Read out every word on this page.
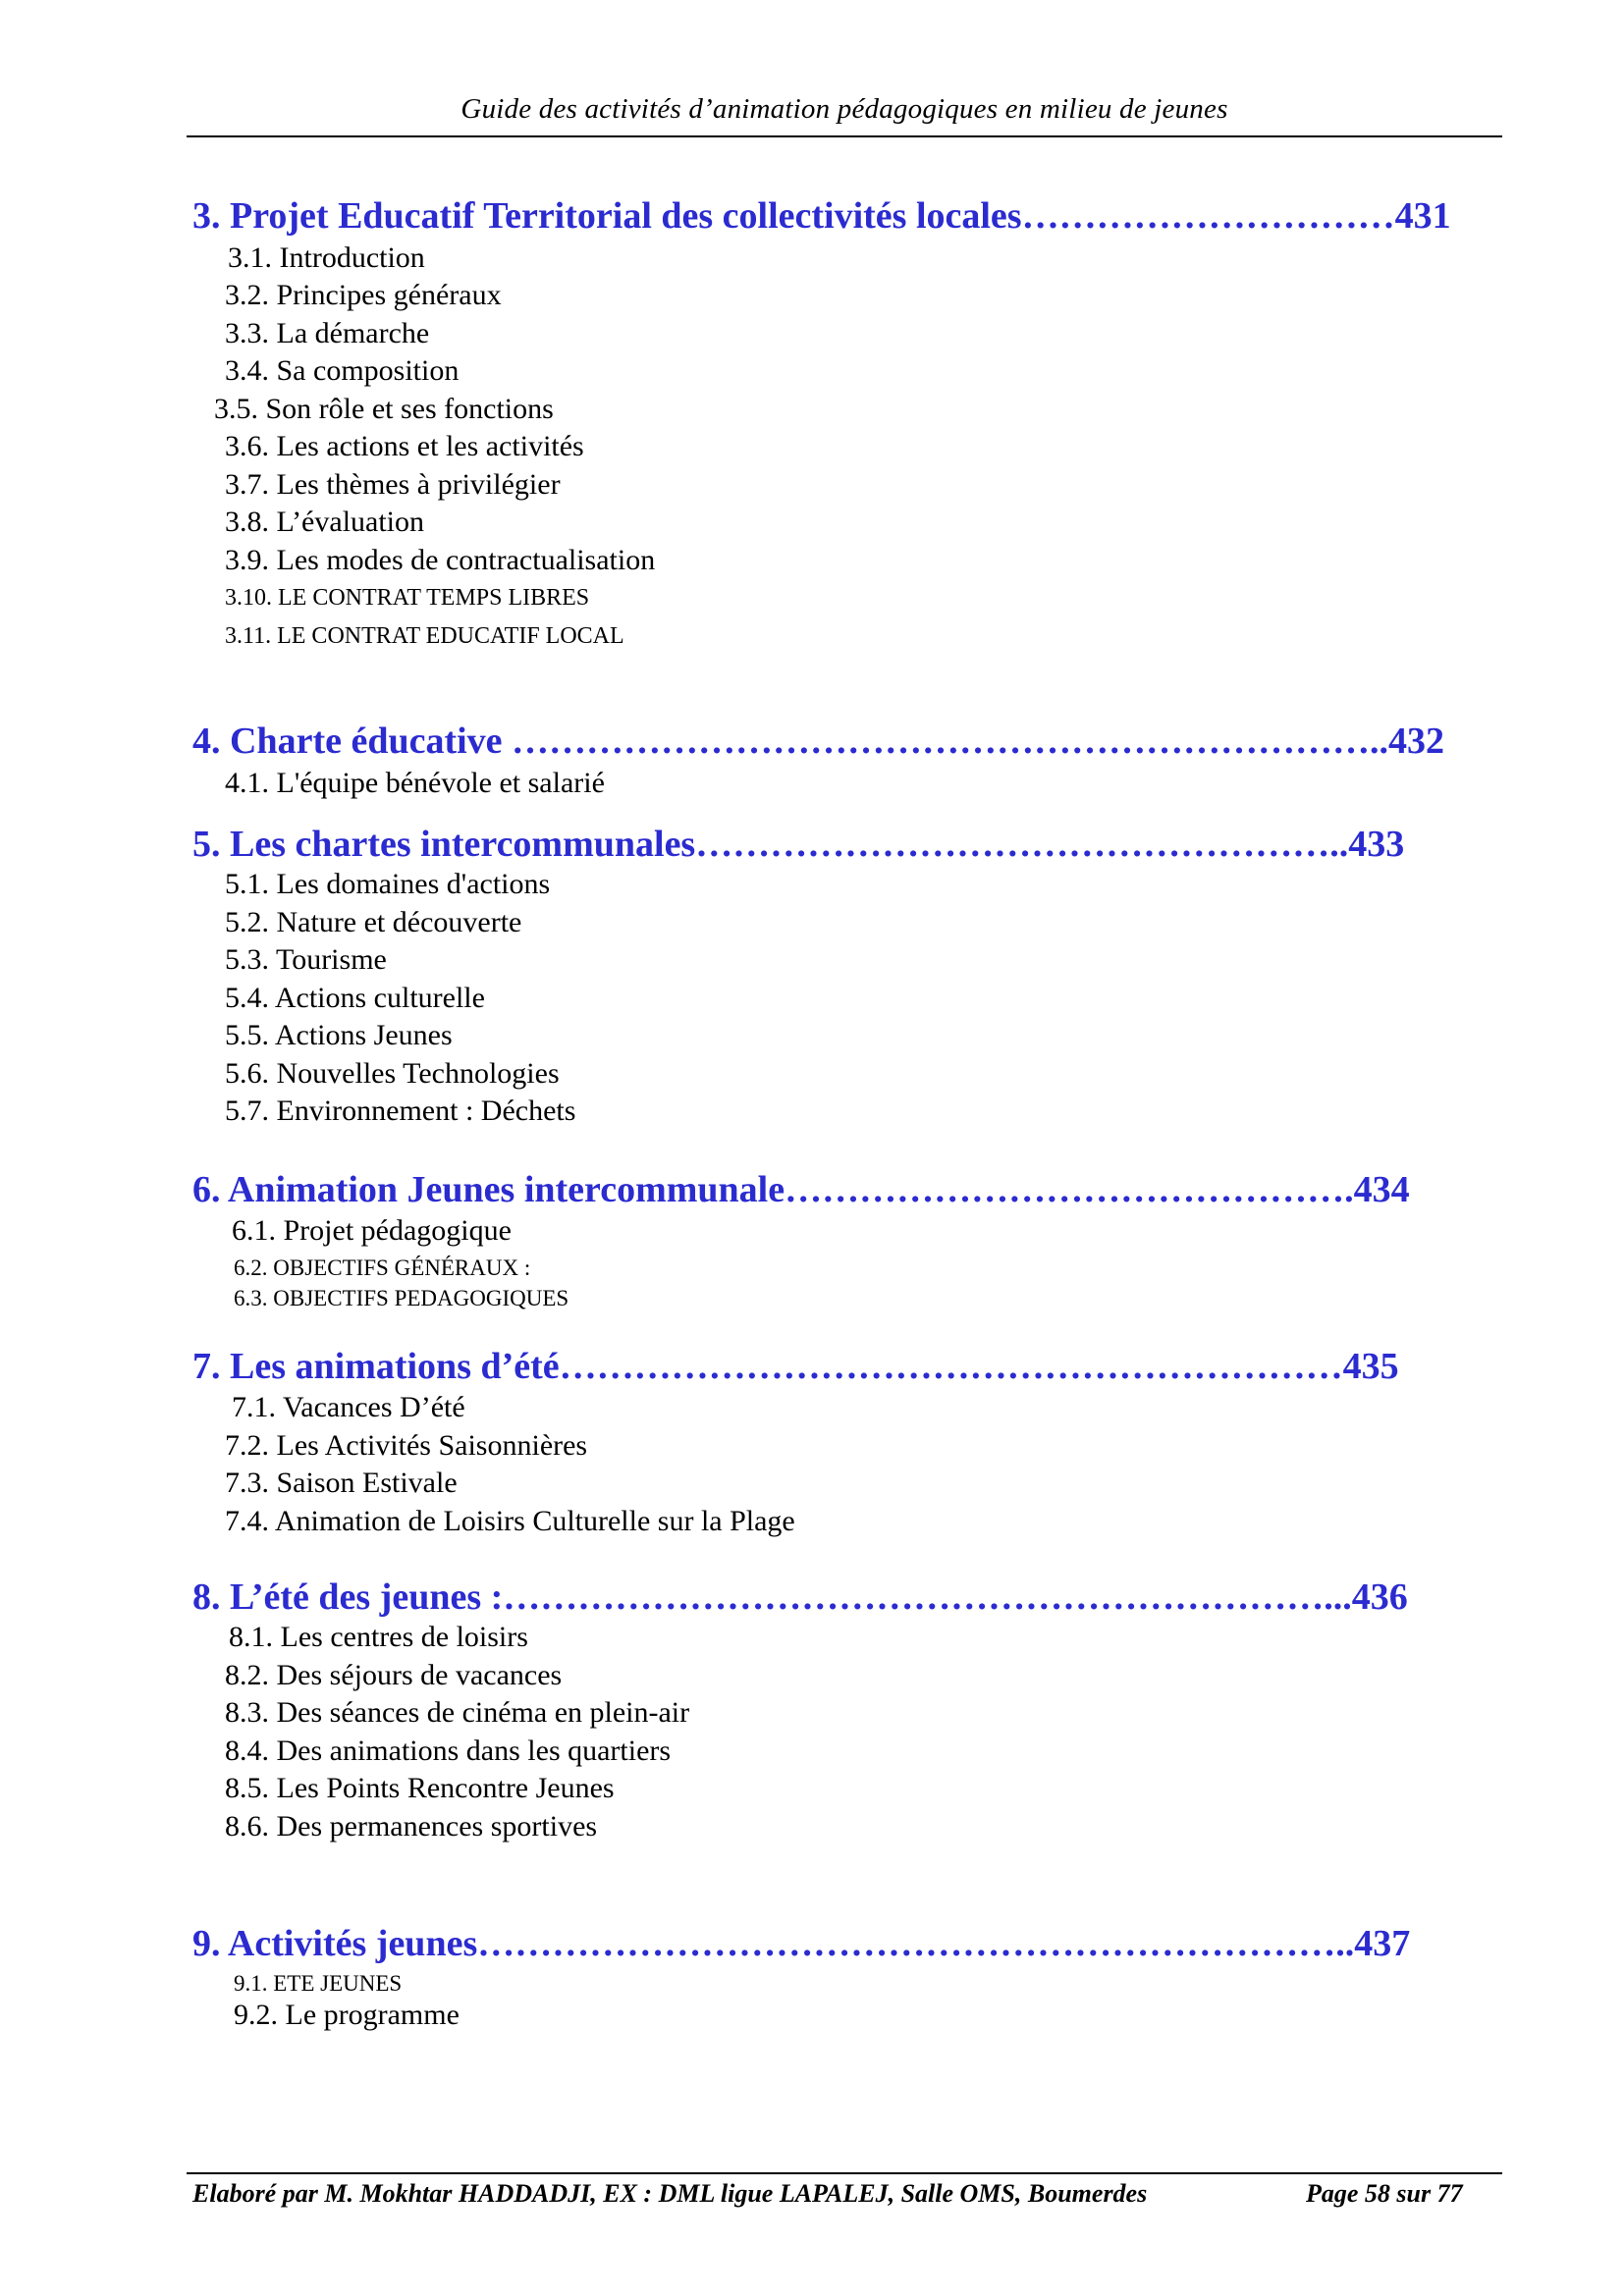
Guide des activités d’animation pédagogiques en milieu de jeunes
3. Projet Educatif Territorial des collectivités locales…………………………431
3.1. Introduction
3.2. Principes généraux
3.3. La démarche
3.4. Sa composition
3.5. Son rôle et ses fonctions
3.6. Les actions et les activités
3.7. Les thèmes à privilégier
3.8. L’évaluation
3.9. Les modes de contractualisation
3.10. LE CONTRAT TEMPS LIBRES
3.11. LE CONTRAT EDUCATIF LOCAL
4. Charte éducative ……………………………………………………………..432
4.1. L'équipe bénévole et salarié
5. Les chartes intercommunales……………………………………………..433
5.1. Les domaines d'actions
5.2. Nature et découverte
5.3. Tourisme
5.4. Actions culturelle
5.5. Actions Jeunes
5.6. Nouvelles Technologies
5.7. Environnement : Déchets
6. Animation Jeunes intercommunale……………………………………….434
6.1. Projet pédagogique
6.2. OBJECTIFS GÉNÉRAUX :
6.3. OBJECTIFS PEDAGOGIQUES
7. Les animations d’été………………………………………………………435
7.1. Vacances D’été
7.2. Les Activités Saisonnières
7.3. Saison Estivale
7.4. Animation de Loisirs Culturelle sur la Plage
8. L’été des jeunes :…………………………………………………………...436
8.1. Les centres de loisirs
8.2. Des séjours de vacances
8.3. Des séances de cinéma en plein-air
8.4. Des animations dans les quartiers
8.5. Les Points Rencontre Jeunes
8.6. Des permanences sportives
9. Activités jeunes……………………………………………………………..437
9.1. ETE JEUNES
9.2. Le programme
Elaboré par M. Mokhtar HADDADJI, EX : DML ligue LAPALEJ, Salle OMS, Boumerdes	Page 58 sur 77
